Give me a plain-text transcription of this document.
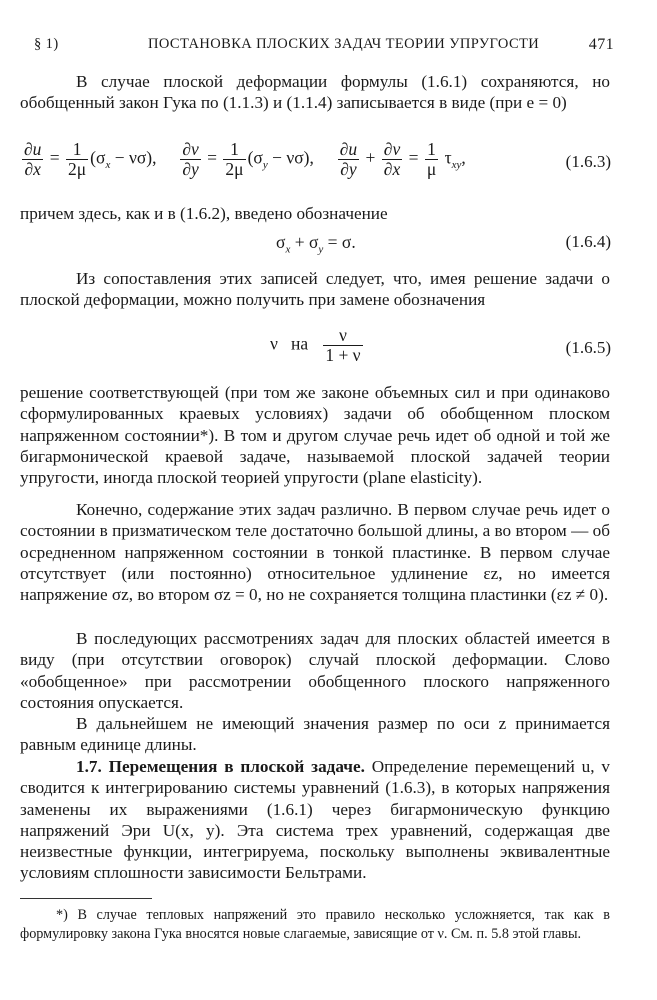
§ 1)	ПОСТАНОВКА ПЛОСКИХ ЗАДАЧ ТЕОРИИ УПРУГОСТИ	471

В случае плоской деформации формулы (1.6.1) сохраняются, но обобщенный закон Гука по (1.1.3) и (1.1.4) записывается в виде (при e = 0)

$\frac{\partial u}{\partial x} = \frac{1}{2\mu} (\sigma_x - \nu\sigma)$, $\frac{\partial v}{\partial y} = \frac{1}{2\mu} (\sigma_y - \nu\sigma)$, $\frac{\partial u}{\partial y} + \frac{\partial v}{\partial x} = \frac{1}{\mu} \tau_{xy}$,	(1.6.3)

причем здесь, как и в (1.6.2), введено обозначение

$\sigma_x + \sigma_y = \sigma$.	(1.6.4)

Из сопоставления этих записей следует, что, имея решение задачи о плоской деформации, можно получить при замене обозначения

ν   на $\frac{\nu}{1 + \nu}$	(1.6.5)

решение соответствующей (при том же законе объемных сил и при одинаково сформулированных краевых условиях) задачи об обобщенном плоском напряженном состоянии*). В том и другом случае речь идет об одной и той же бигармонической краевой задаче, называемой плоской задачей теории упругости, иногда плоской теорией упругости (plane elasticity).

Конечно, содержание этих задач различно. В первом случае речь идет о состоянии в призматическом теле достаточно большой длины, а во втором — об осредненном напряженном состоянии в тонкой пластинке. В первом случае отсутствует (или постоянно) относительное удлинение εz, но имеется напряжение σz, во втором σz = 0, но не сохраняется толщина пластинки (εz ≠ 0).

В последующих рассмотрениях задач для плоских областей имеется в виду (при отсутствии оговорок) случай плоской деформации. Слово «обобщенное» при рассмотрении обобщенного плоского напряженного состояния опускается.

В дальнейшем не имеющий значения размер по оси z принимается равным единице длины.

1.7. Перемещения в плоской задаче. Определение перемещений u, v сводится к интегрированию системы уравнений (1.6.3), в которых напряжения заменены их выражениями (1.6.1) через бигармоническую функцию напряжений Эри U(x, y). Эта система трех уравнений, содержащая две неизвестные функции, интегрируема, поскольку выполнены эквивалентные условиям сплошности зависимости Бельтрами.

*) В случае тепловых напряжений это правило несколько усложняется, так как в формулировку закона Гука вносятся новые слагаемые, зависящие от ν. См. п. 5.8 этой главы.
